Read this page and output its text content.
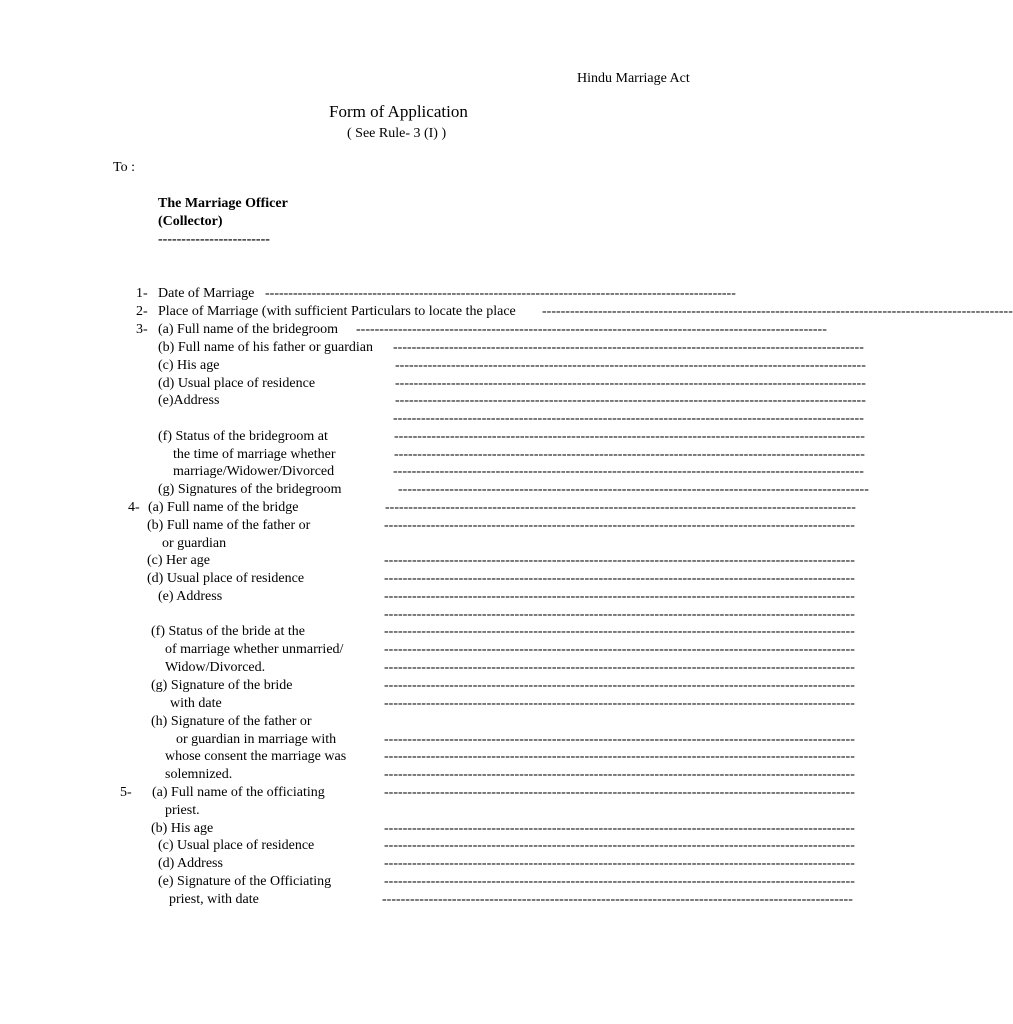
Hindu Marriage Act
Form of Application
( See Rule- 3 (I) )
To :
The Marriage Officer
(Collector)
------------------------
1- Date of Marriage -----------------------------------------------------------------------------------------------------
2- Place of Marriage (with sufficient Particulars to locate the place -----------------------------------------------------------------------------------------------------
3- (a) Full name of the bridegroom -----------------------------------------------------------------------------------------------------
(b) Full name of his father or guardian -----------------------------------------------------------------------------------------------------
(c) His age	-----------------------------------------------------------------------------------------------------
(d) Usual place of residence	-----------------------------------------------------------------------------------------------------
(e)Address	-----------------------------------------------------------------------------------------------------
-----------------------------------------------------------------------------------------------------
(f) Status of the bridegroom at	-----------------------------------------------------------------------------------------------------
the time of marriage whether	-----------------------------------------------------------------------------------------------------
marriage/Widower/Divorced	-----------------------------------------------------------------------------------------------------
(g) Signatures of the bridegroom	-----------------------------------------------------------------------------------------------------
4- (a) Full name of the bridge	-----------------------------------------------------------------------------------------------------
(b) Full name of the father or	-----------------------------------------------------------------------------------------------------
or guardian
(c) Her age	-----------------------------------------------------------------------------------------------------
(d) Usual place of residence	-----------------------------------------------------------------------------------------------------
(e) Address	-----------------------------------------------------------------------------------------------------
-----------------------------------------------------------------------------------------------------
(f) Status of the bride at the	-----------------------------------------------------------------------------------------------------
of marriage whether unmarried/	-----------------------------------------------------------------------------------------------------
Widow/Divorced.	-----------------------------------------------------------------------------------------------------
(g) Signature of the bride	-----------------------------------------------------------------------------------------------------
with date	-----------------------------------------------------------------------------------------------------
(h) Signature of the father or
or guardian in marriage with	-----------------------------------------------------------------------------------------------------
whose consent the marriage was	-----------------------------------------------------------------------------------------------------
solemnized.	-----------------------------------------------------------------------------------------------------
5- (a) Full name of the officiating	-----------------------------------------------------------------------------------------------------
priest.
(b) His age	-----------------------------------------------------------------------------------------------------
(c) Usual place of residence	-----------------------------------------------------------------------------------------------------
(d) Address	-----------------------------------------------------------------------------------------------------
(e) Signature of the Officiating	-----------------------------------------------------------------------------------------------------
priest, with date	-----------------------------------------------------------------------------------------------------
